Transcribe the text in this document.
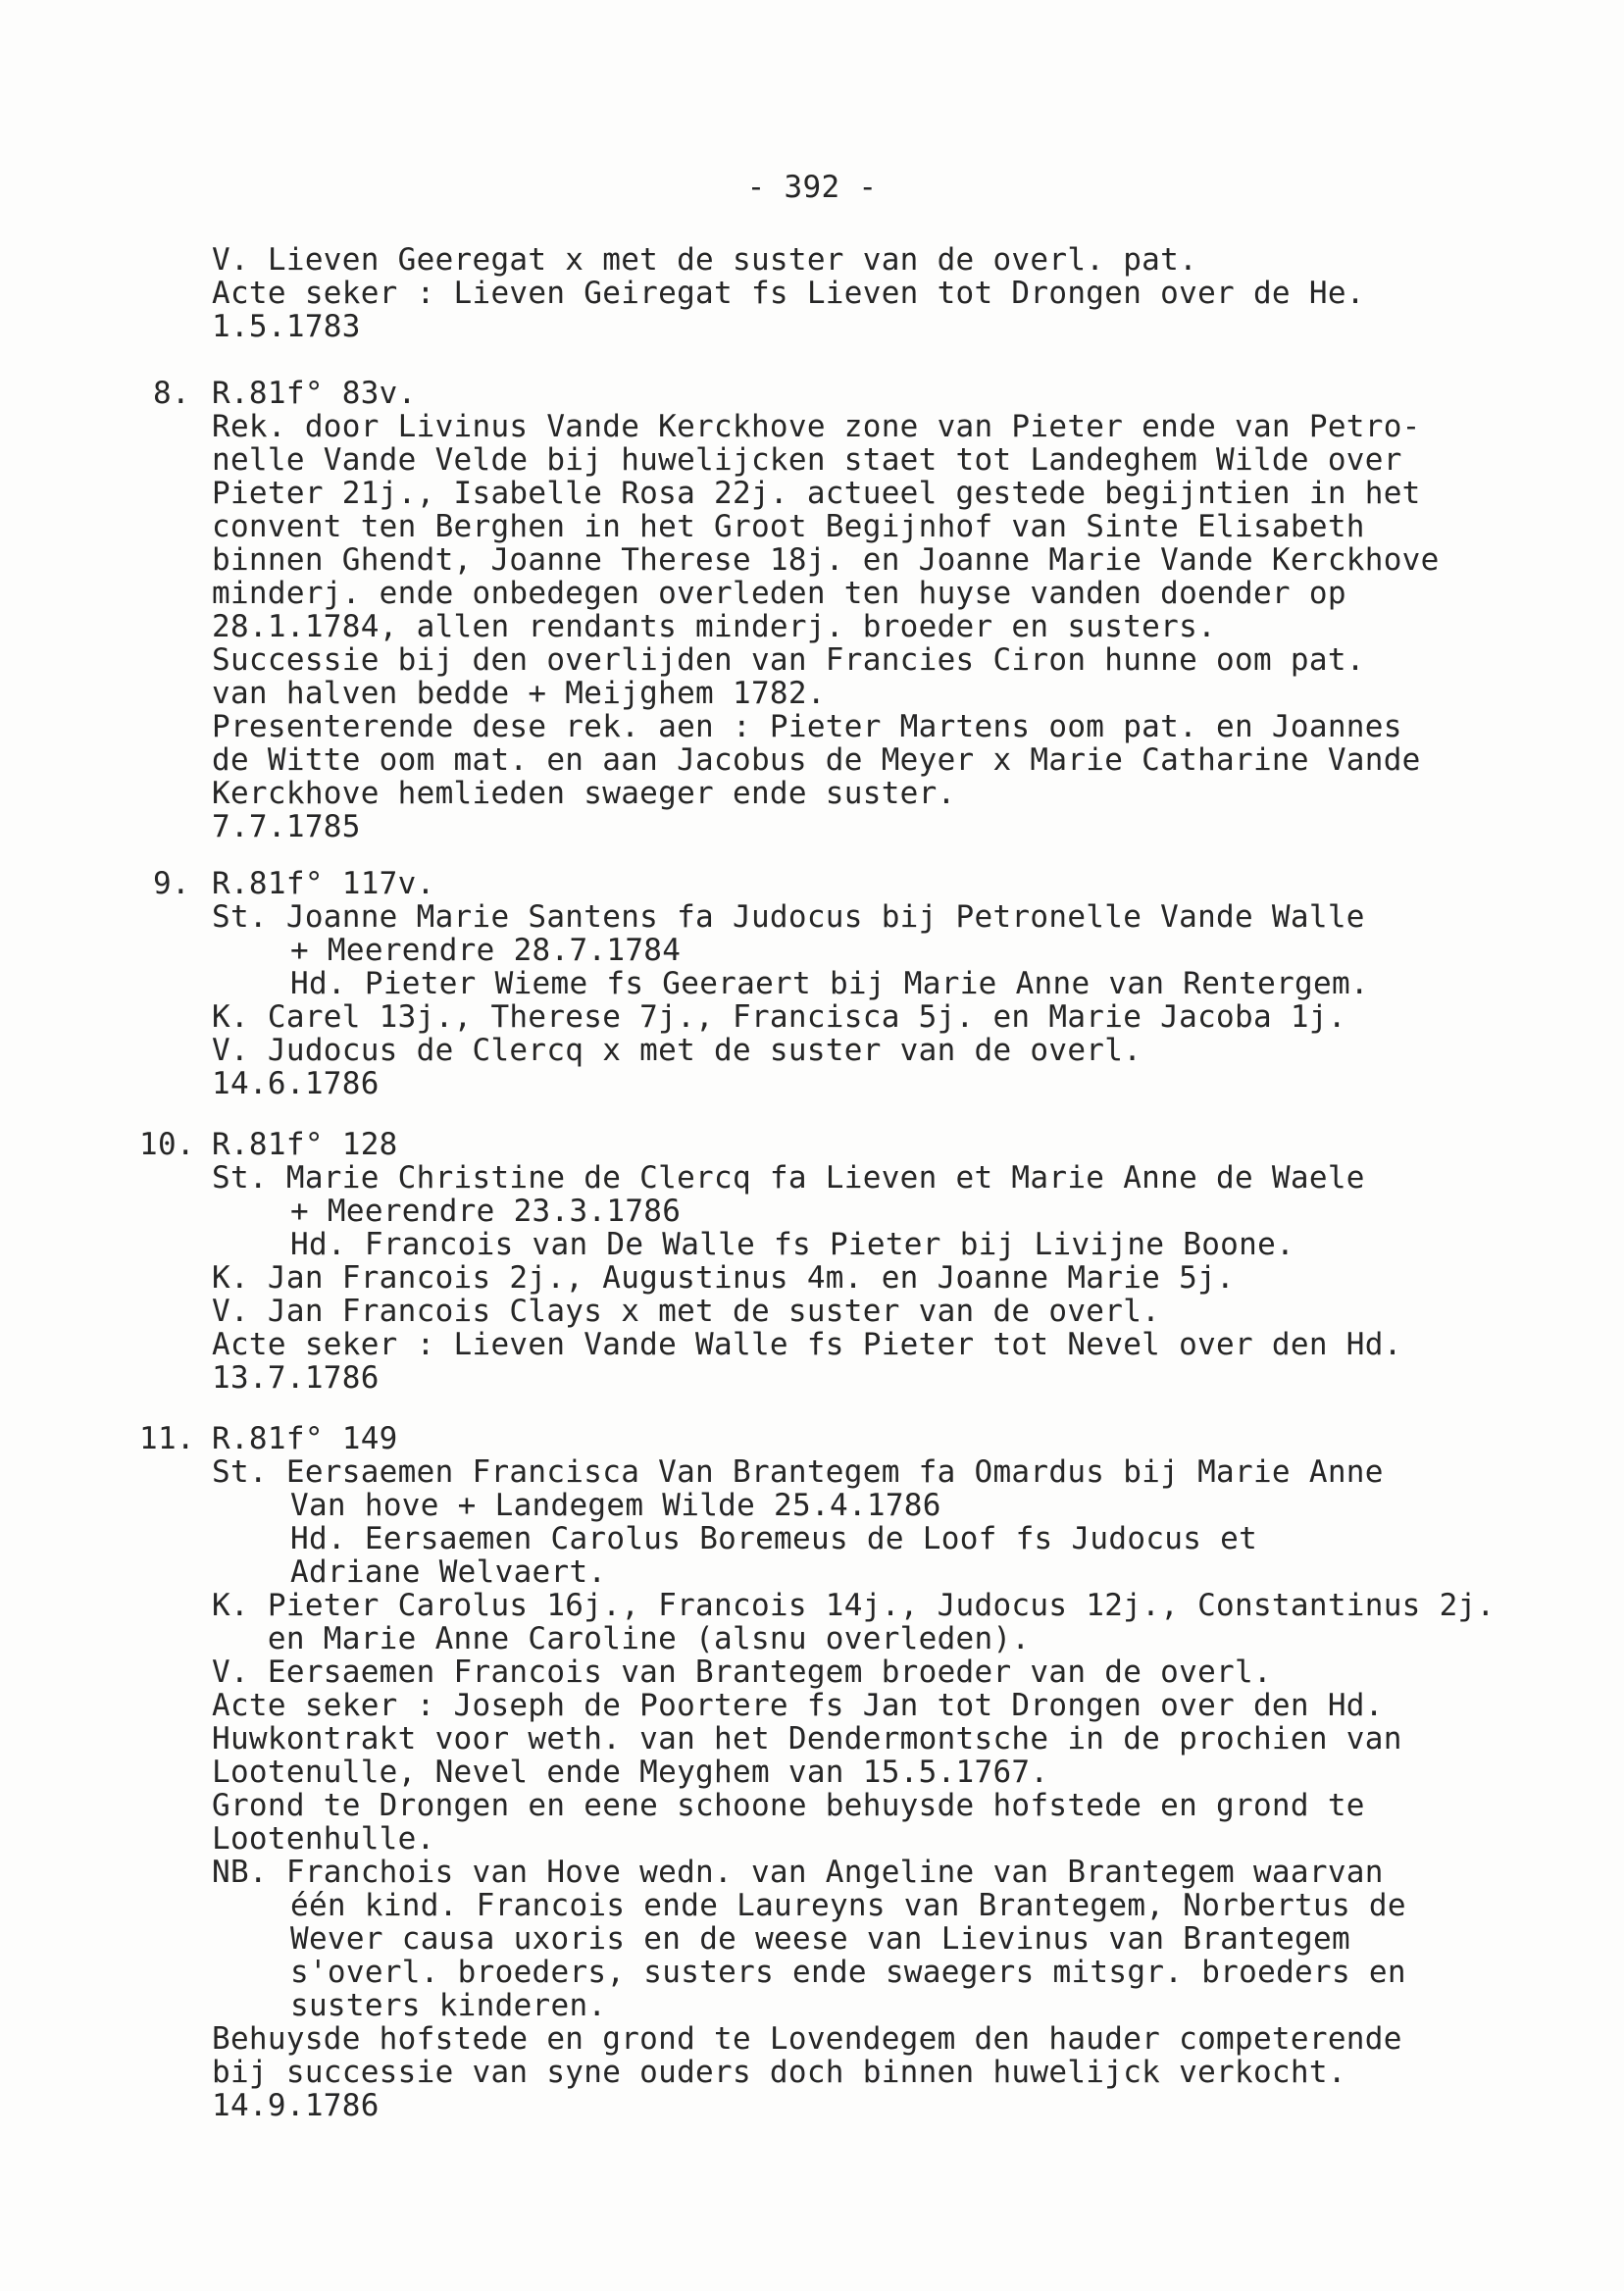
- 392 -
V. Lieven Geeregat x met de suster van de overl. pat.
Acte seker : Lieven Geiregat fs Lieven tot Drongen over de He.
1.5.1783
8. R.81f° 83v.
Rek. door Livinus Vande Kerckhove zone van Pieter ende van Petro-
nelle Vande Velde bij huwelijcken staet tot Landeghem Wilde over
Pieter 21j., Isabelle Rosa 22j. actueel gestede begijntien in het
convent ten Berghen in het Groot Begijnhof van Sinte Elisabeth
binnen Ghendt, Joanne Therese 18j. en Joanne Marie Vande Kerckhove
minderj. ende onbedegen overleden ten huyse vanden doender op
28.1.1784, allen rendants minderj. broeder en susters.
Successie bij den overlijden van Francies Ciron hunne oom pat.
van halven bedde + Meijghem 1782.
Presenterende dese rek. aen : Pieter Martens oom pat. en Joannes
de Witte oom mat. en aan Jacobus de Meyer x Marie Catharine Vande
Kerckhove hemlieden swaeger ende suster.
7.7.1785
9. R.81f° 117v.
St. Joanne Marie Santens fa Judocus bij Petronelle Vande Walle
+ Meerendre 28.7.1784
Hd. Pieter Wieme fs Geeraert bij Marie Anne van Rentergem.
K. Carel 13j., Therese 7j., Francisca 5j. en Marie Jacoba 1j.
V. Judocus de Clercq x met de suster van de overl.
14.6.1786
10. R.81f° 128
St. Marie Christine de Clercq fa Lieven et Marie Anne de Waele
+ Meerendre 23.3.1786
Hd. Francois van De Walle fs Pieter bij Livijne Boone.
K. Jan Francois 2j., Augustinus 4m. en Joanne Marie 5j.
V. Jan Francois Clays x met de suster van de overl.
Acte seker : Lieven Vande Walle fs Pieter tot Nevel over den Hd.
13.7.1786
11. R.81f° 149
St. Eersaemen Francisca Van Brantegem fa Omardus bij Marie Anne
Van hove + Landegem Wilde 25.4.1786
Hd. Eersaemen Carolus Boremeus de Loof fs Judocus et
Adriane Welvaert.
K. Pieter Carolus 16j., Francois 14j., Judocus 12j., Constantinus 2j.
en Marie Anne Caroline (alsnu overleden).
V. Eersaemen Francois van Brantegem broeder van de overl.
Acte seker : Joseph de Poortere fs Jan tot Drongen over den Hd.
Huwkontrakt voor weth. van het Dendermontsche in de prochien van
Lootenulle, Nevel ende Meyghem van 15.5.1767.
Grond te Drongen en eene schoone behuysde hofstede en grond te
Lootenhulle.
NB. Franchois van Hove wedn. van Angeline van Brantegem waarvan
één kind. Francois ende Laureyns van Brantegem, Norbertus de
Wever causa uxoris en de weese van Lievinus van Brantegem
s'overl. broeders, susters ende swaegers mitsgr. broeders en
susters kinderen.
Behuysde hofstede en grond te Lovendegem den hauder competerende
bij successie van syne ouders doch binnen huwelijck verkocht.
14.9.1786
